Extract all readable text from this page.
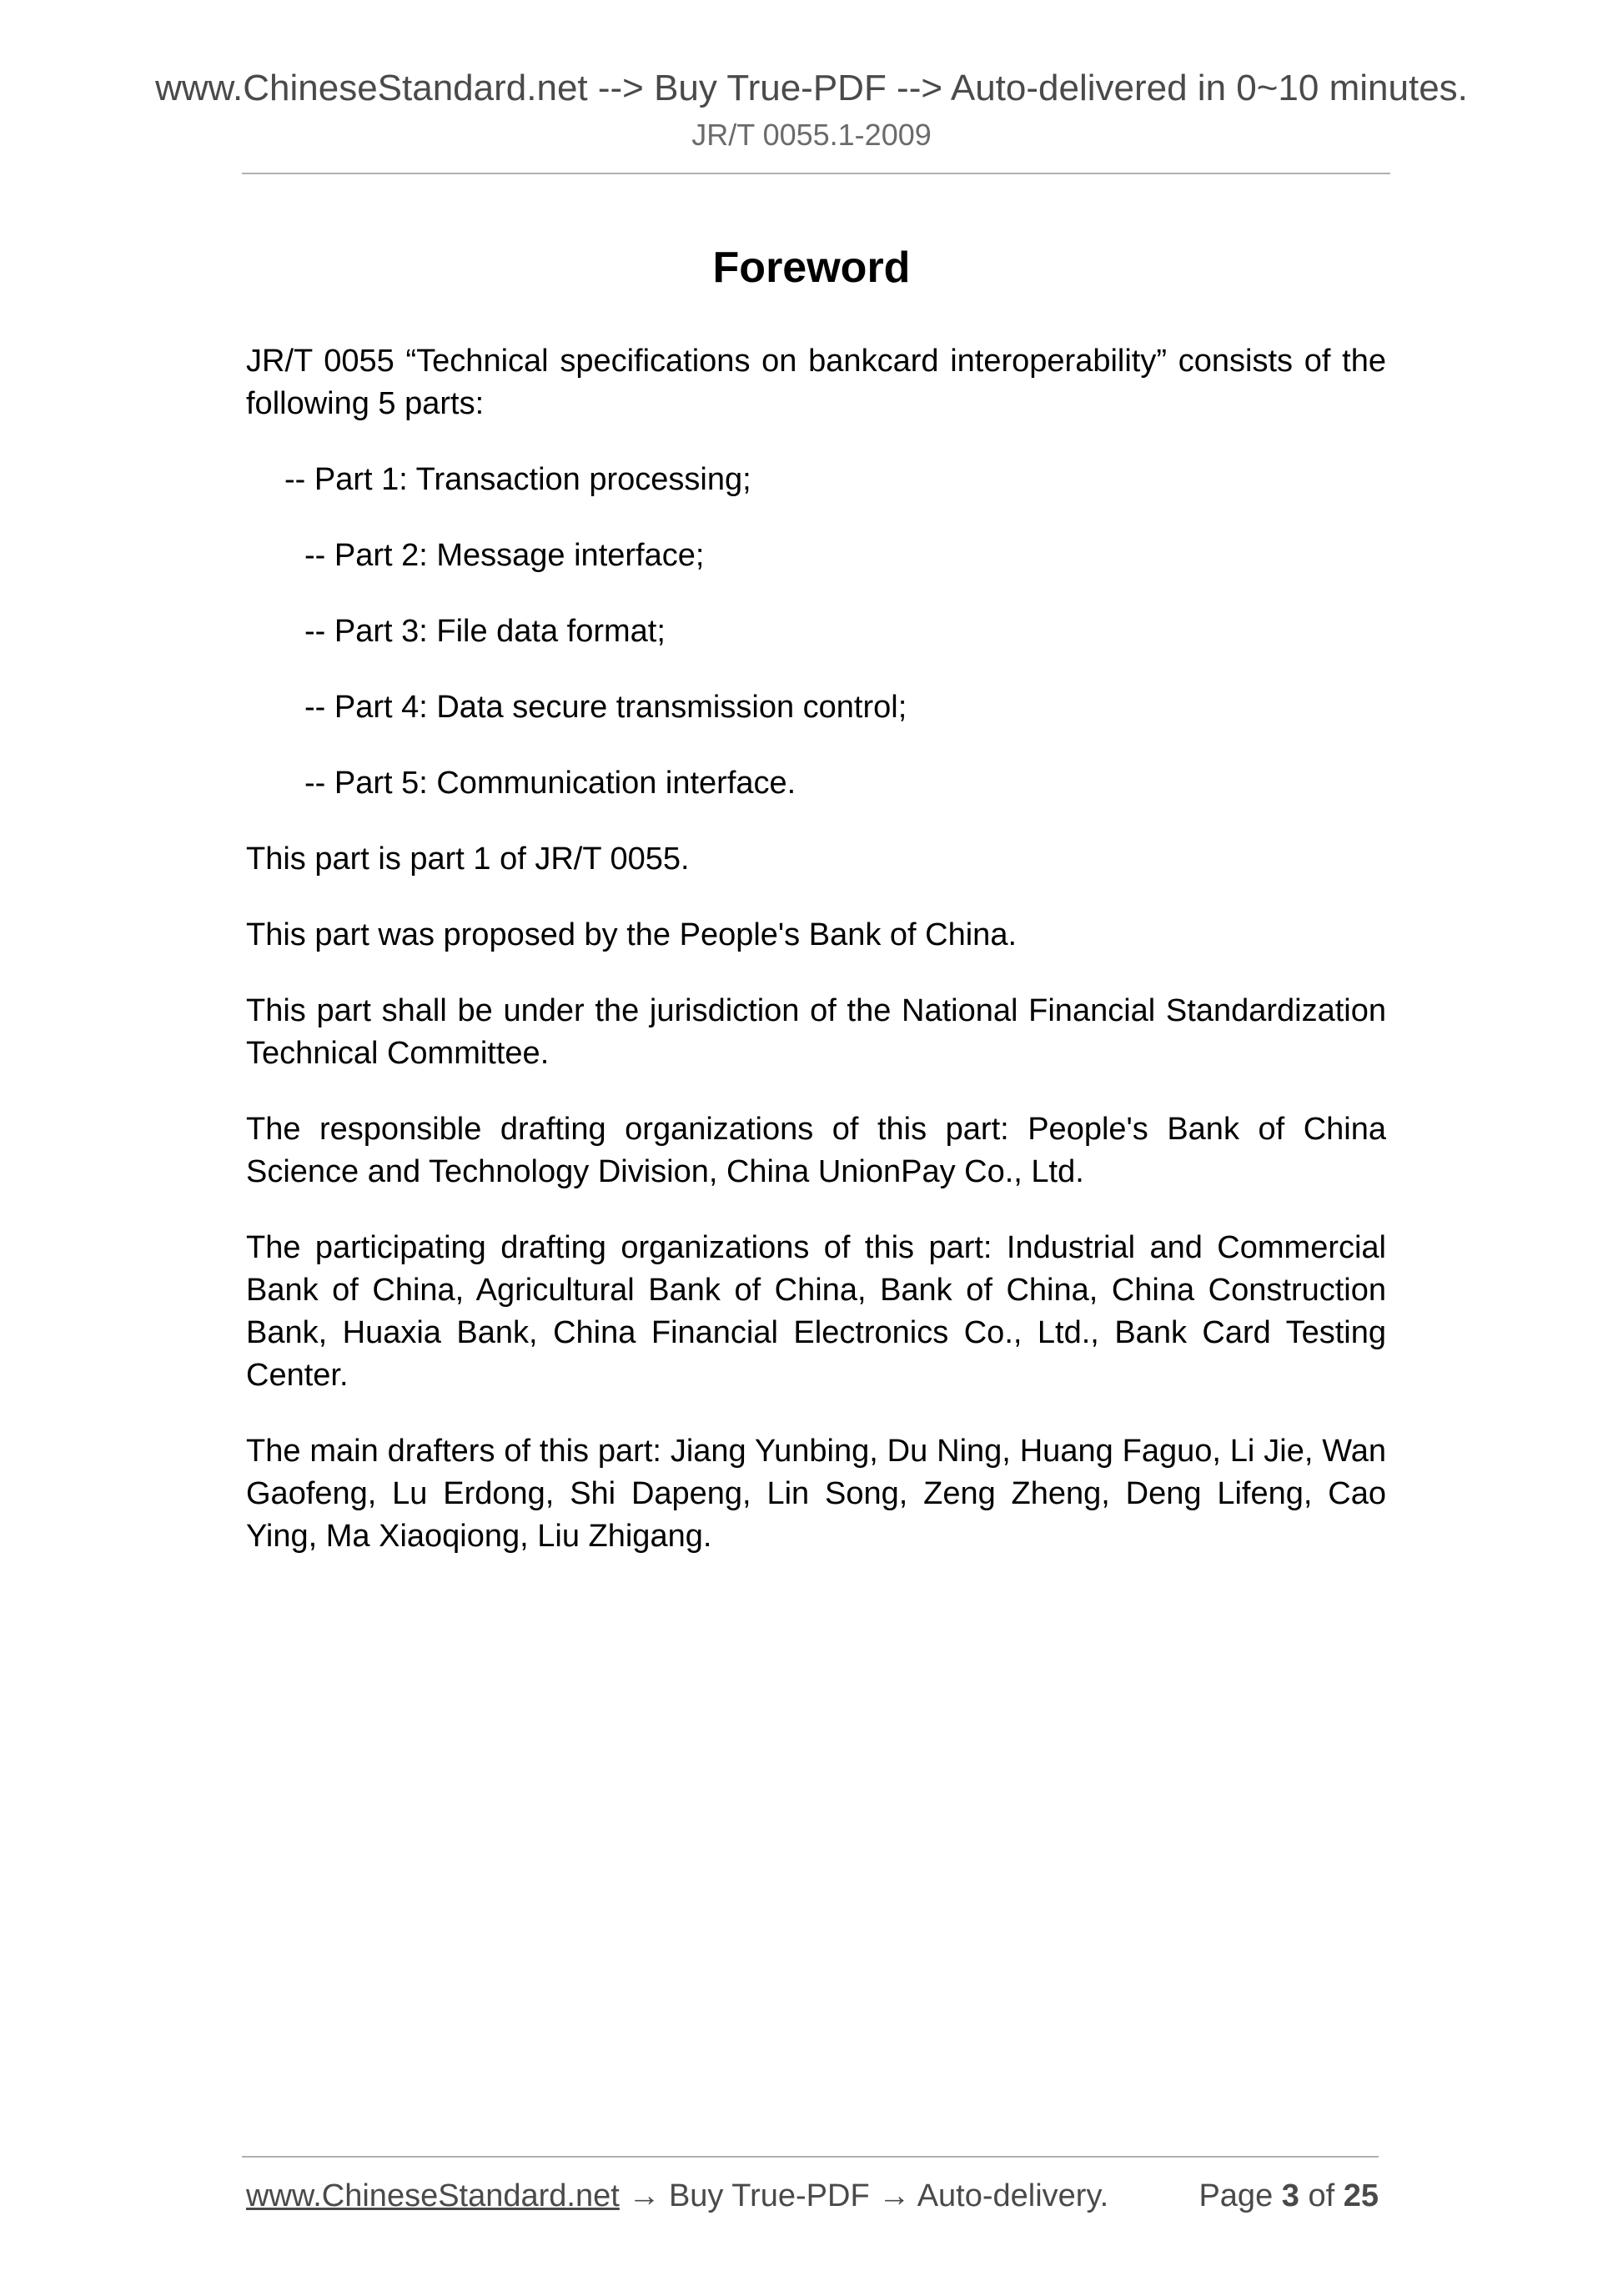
www.ChineseStandard.net --> Buy True-PDF --> Auto-delivered in 0~10 minutes.
JR/T 0055.1-2009
Foreword

JR/T 0055 “Technical specifications on bankcard interoperability” consists of the following 5 parts:

-- Part 1: Transaction processing;

-- Part 2: Message interface;

-- Part 3: File data format;

-- Part 4: Data secure transmission control;

-- Part 5: Communication interface.

This part is part 1 of JR/T 0055.

This part was proposed by the People's Bank of China.

This part shall be under the jurisdiction of the National Financial Standardization Technical Committee.

The responsible drafting organizations of this part: People's Bank of China Science and Technology Division, China UnionPay Co., Ltd.

The participating drafting organizations of this part: Industrial and Commercial Bank of China, Agricultural Bank of China, Bank of China, China Construction Bank, Huaxia Bank, China Financial Electronics Co., Ltd., Bank Card Testing Center.

The main drafters of this part: Jiang Yunbing, Du Ning, Huang Faguo, Li Jie, Wan Gaofeng, Lu Erdong, Shi Dapeng, Lin Song, Zeng Zheng, Deng Lifeng, Cao Ying, Ma Xiaoqiong, Liu Zhigang.

www.ChineseStandard.net → Buy True-PDF → Auto-delivery.	Page 3 of 25
